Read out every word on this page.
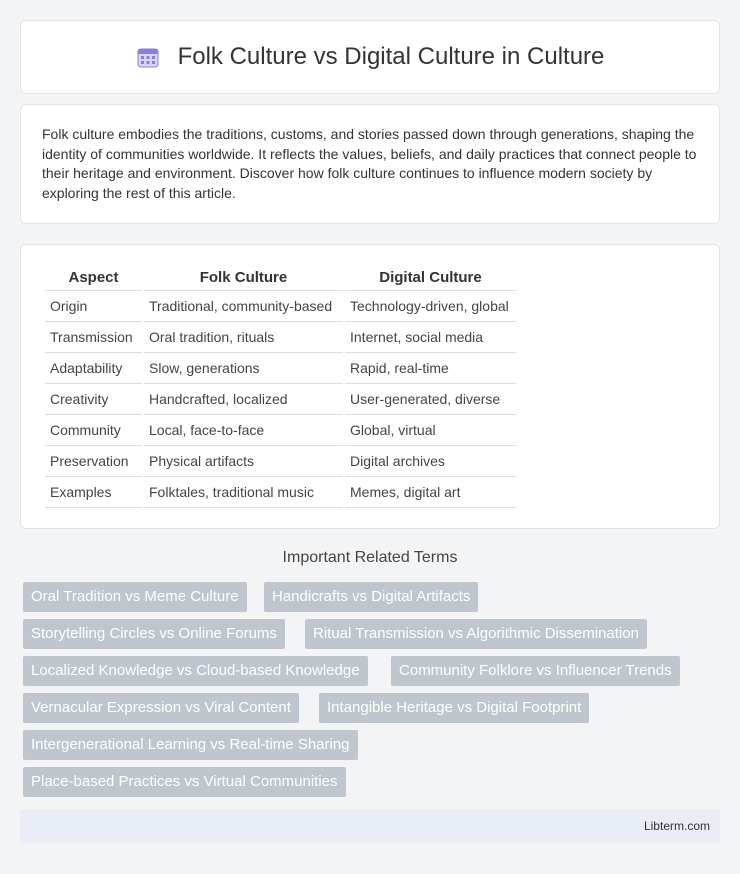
Folk Culture vs Digital Culture in Culture

Folk culture embodies the traditions, customs, and stories passed down through generations, shaping the identity of communities worldwide. It reflects the values, beliefs, and daily practices that connect people to their heritage and environment. Discover how folk culture continues to influence modern society by exploring the rest of this article.

Aspect	Folk Culture	Digital Culture
Origin	Traditional, community-based	Technology-driven, global
Transmission	Oral tradition, rituals	Internet, social media
Adaptability	Slow, generations	Rapid, real-time
Creativity	Handcrafted, localized	User-generated, diverse
Community	Local, face-to-face	Global, virtual
Preservation	Physical artifacts	Digital archives
Examples	Folktales, traditional music	Memes, digital art
Important Related Terms
Oral Tradition vs Meme Culture	Handicrafts vs Digital Artifacts
Storytelling Circles vs Online Forums	Ritual Transmission vs Algorithmic Dissemination
Localized Knowledge vs Cloud-based Knowledge	Community Folklore vs Influencer Trends
Vernacular Expression vs Viral Content	Intangible Heritage vs Digital Footprint
Intergenerational Learning vs Real-time Sharing
Place-based Practices vs Virtual Communities
Libterm.com
